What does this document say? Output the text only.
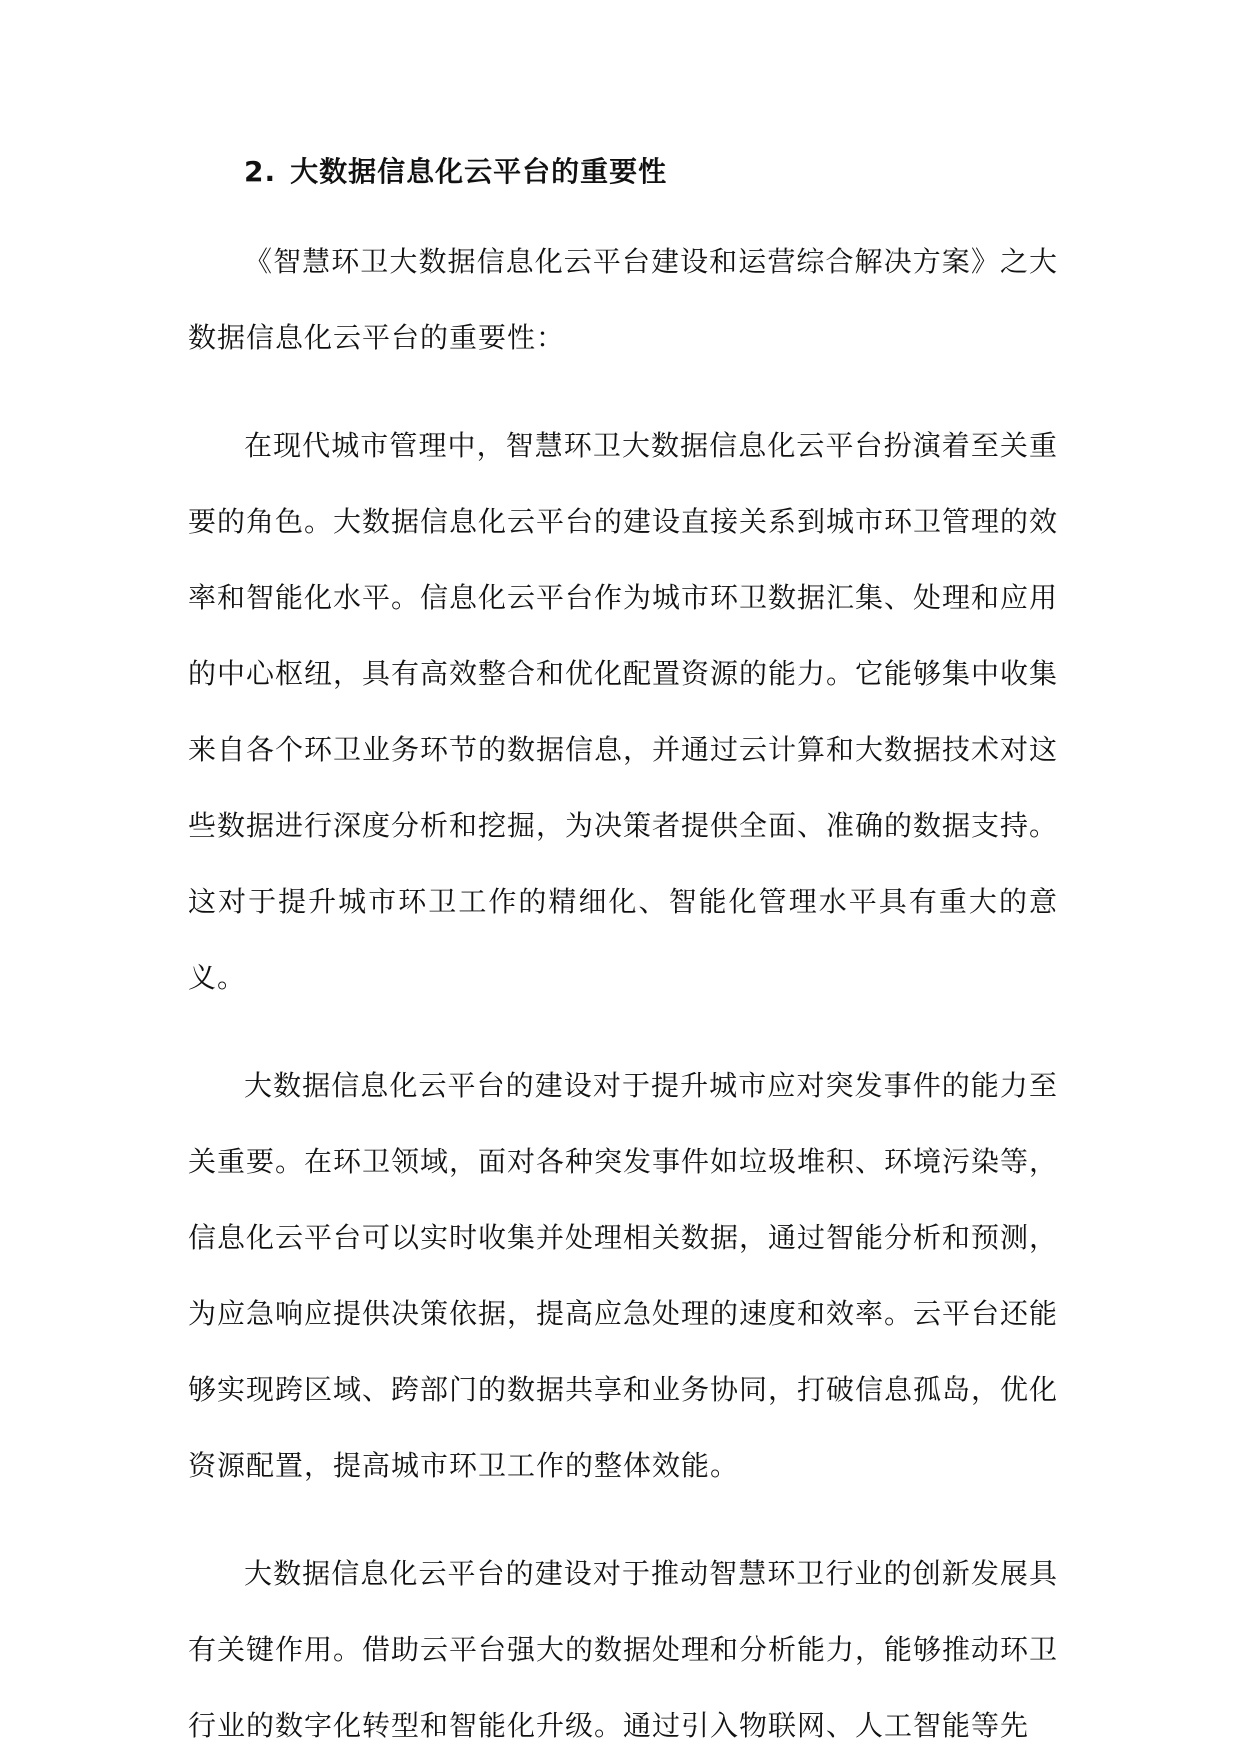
2. 大数据信息化云平台的重要性

《智慧环卫大数据信息化云平台建设和运营综合解决方案》之大数据信息化云平台的重要性：

在现代城市管理中，智慧环卫大数据信息化云平台扮演着至关重要的角色。大数据信息化云平台的建设直接关系到城市环卫管理的效率和智能化水平。信息化云平台作为城市环卫数据汇集、处理和应用的中心枢纽，具有高效整合和优化配置资源的能力。它能够集中收集来自各个环卫业务环节的数据信息，并通过云计算和大数据技术对这些数据进行深度分析和挖掘，为决策者提供全面、准确的数据支持。这对于提升城市环卫工作的精细化、智能化管理水平具有重大的意义。

大数据信息化云平台的建设对于提升城市应对突发事件的能力至关重要。在环卫领域，面对各种突发事件如垃圾堆积、环境污染等，信息化云平台可以实时收集并处理相关数据，通过智能分析和预测，为应急响应提供决策依据，提高应急处理的速度和效率。云平台还能够实现跨区域、跨部门的数据共享和业务协同，打破信息孤岛，优化资源配置，提高城市环卫工作的整体效能。

大数据信息化云平台的建设对于推动智慧环卫行业的创新发展具有关键作用。借助云平台强大的数据处理和分析能力，能够推动环卫行业的数字化转型和智能化升级。通过引入物联网、人工智能等先
